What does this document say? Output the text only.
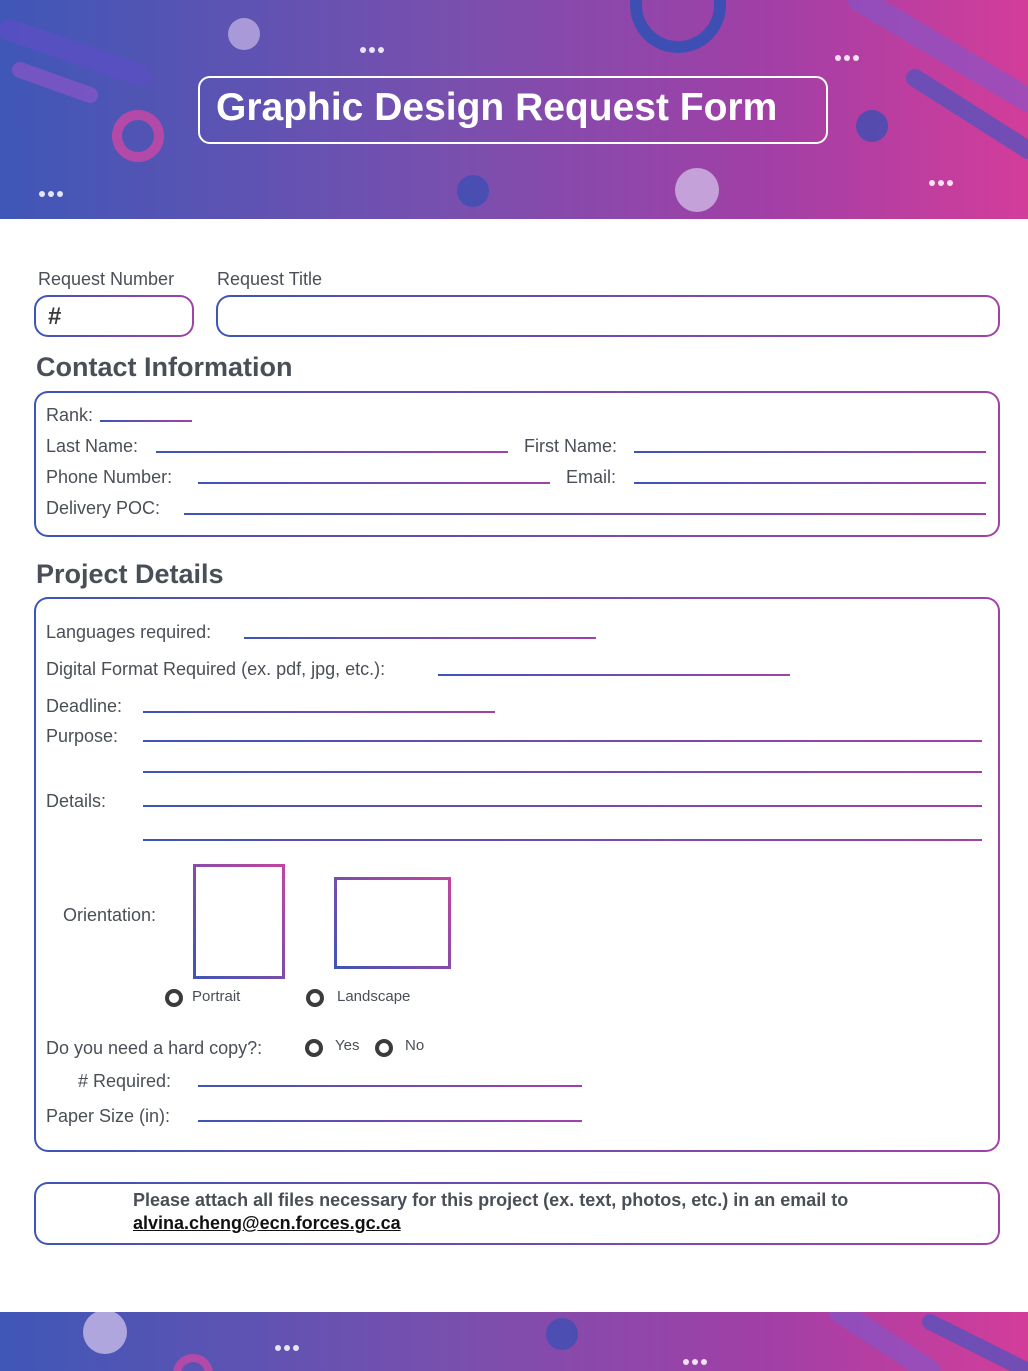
Graphic Design Request Form
Request Number Request Title
#
Contact Information
Rank:
Last Name:	First Name:
Phone Number:	Email:
Delivery POC:
Project Details
Languages required:
Digital Format Required (ex. pdf, jpg, etc.):
Deadline:
Purpose:
Details:
Orientation:
Portrait	Landscape
Do you need a hard copy?:	Yes	No
# Required:
Paper Size (in):
Please attach all files necessary for this project (ex. text, photos, etc.) in an email to
alvina.cheng@ecn.forces.gc.ca
